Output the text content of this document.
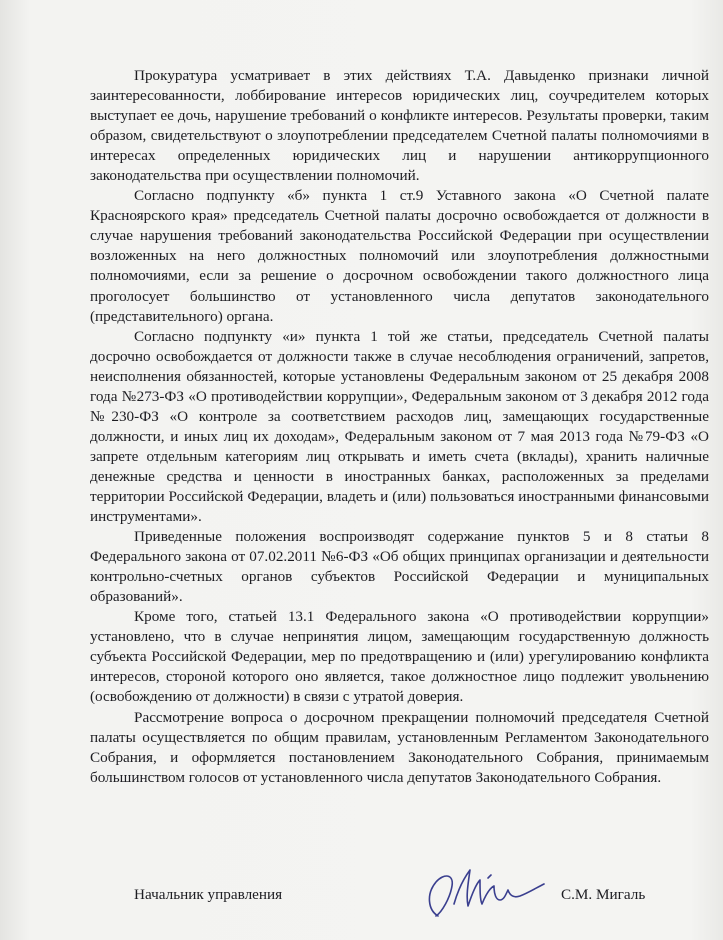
Прокуратура усматривает в этих действиях Т.А. Давыденко признаки личной заинтересованности, лоббирование интересов юридических лиц, соучредителем которых выступает ее дочь, нарушение требований о конфликте интересов. Результаты проверки, таким образом, свидетельствуют о злоупотреблении председателем Счетной палаты полномочиями в интересах определенных юридических лиц и нарушении антикоррупционного законодательства при осуществлении полномочий.

Согласно подпункту «б» пункта 1 ст.9 Уставного закона «О Счетной палате Красноярского края» председатель Счетной палаты досрочно освобождается от должности в случае нарушения требований законодательства Российской Федерации при осуществлении возложенных на него должностных полномочий или злоупотребления должностными полномочиями, если за решение о досрочном освобождении такого должностного лица проголосует большинство от установленного числа депутатов законодательного (представительного) органа.

Согласно подпункту «и» пункта 1 той же статьи, председатель Счетной палаты досрочно освобождается от должности также в случае несоблюдения ограничений, запретов, неисполнения обязанностей, которые установлены Федеральным законом от 25 декабря 2008 года №273-ФЗ «О противодействии коррупции», Федеральным законом от 3 декабря 2012 года №230-ФЗ «О контроле за соответствием расходов лиц, замещающих государственные должности, и иных лиц их доходам», Федеральным законом от 7 мая 2013 года №79-ФЗ «О запрете отдельным категориям лиц открывать и иметь счета (вклады), хранить наличные денежные средства и ценности в иностранных банках, расположенных за пределами территории Российской Федерации, владеть и (или) пользоваться иностранными финансовыми инструментами».

Приведенные положения воспроизводят содержание пунктов 5 и 8 статьи 8 Федерального закона от 07.02.2011 №6-ФЗ «Об общих принципах организации и деятельности контрольно-счетных органов субъектов Российской Федерации и муниципальных образований».

Кроме того, статьей 13.1 Федерального закона «О противодействии коррупции» установлено, что в случае непринятия лицом, замещающим государственную должность субъекта Российской Федерации, мер по предотвращению и (или) урегулированию конфликта интересов, стороной которого оно является, такое должностное лицо подлежит увольнению (освобождению от должности) в связи с утратой доверия.

Рассмотрение вопроса о досрочном прекращении полномочий председателя Счетной палаты осуществляется по общим правилам, установленным Регламентом Законодательного Собрания, и оформляется постановлением Законодательного Собрания, принимаемым большинством голосов от установленного числа депутатов Законодательного Собрания.

Начальник управления	С.М. Мигаль
